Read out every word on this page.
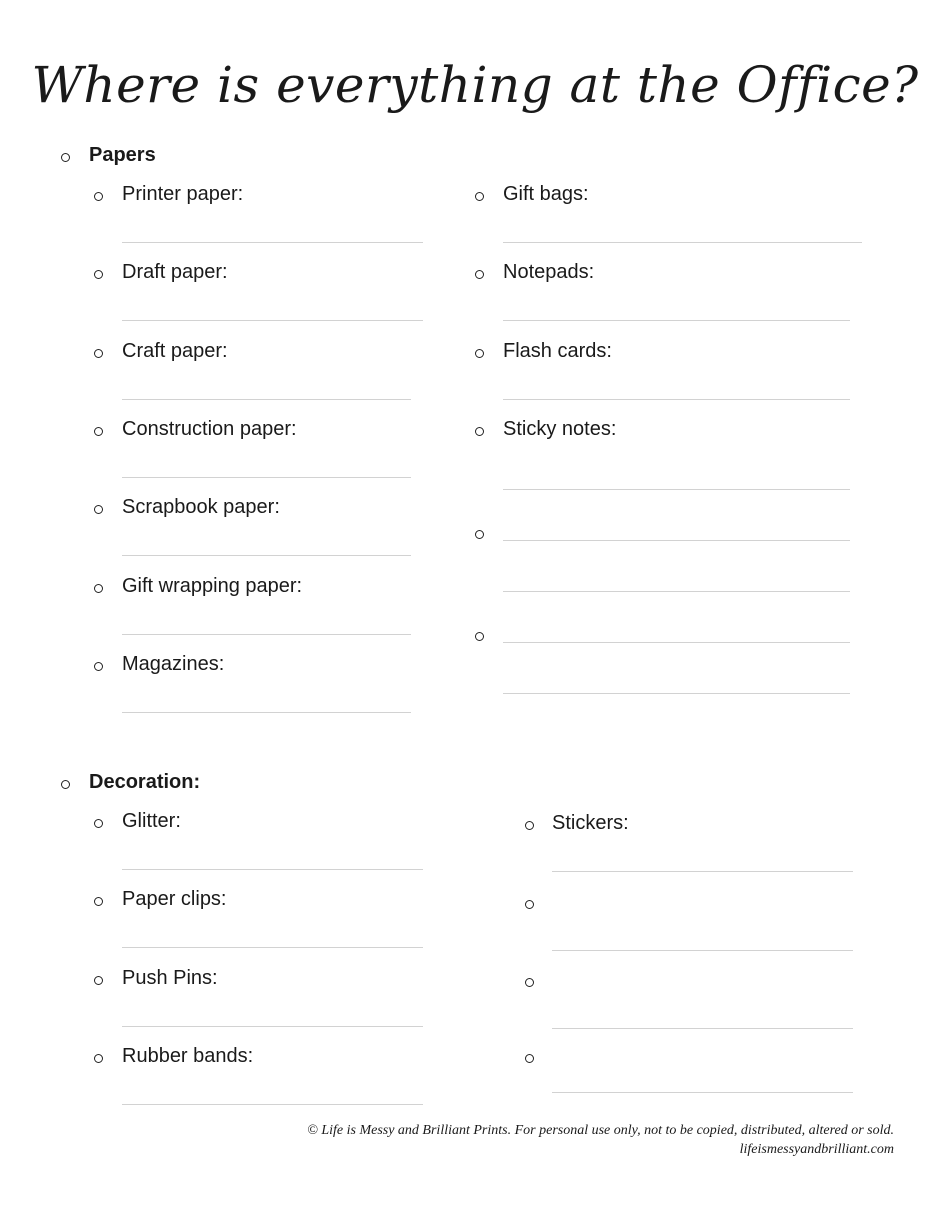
Where is everything at the Office?
Papers
Printer paper:
Draft paper:
Craft paper:
Construction paper:
Scrapbook paper:
Gift wrapping paper:
Magazines:
Gift bags:
Notepads:
Flash cards:
Sticky notes:
Decoration:
Glitter:
Paper clips:
Push Pins:
Rubber bands:
Stickers:
© Life is Messy and Brilliant Prints. For personal use only, not to be copied, distributed, altered or sold.
lifeismessyandbrilliant.com
